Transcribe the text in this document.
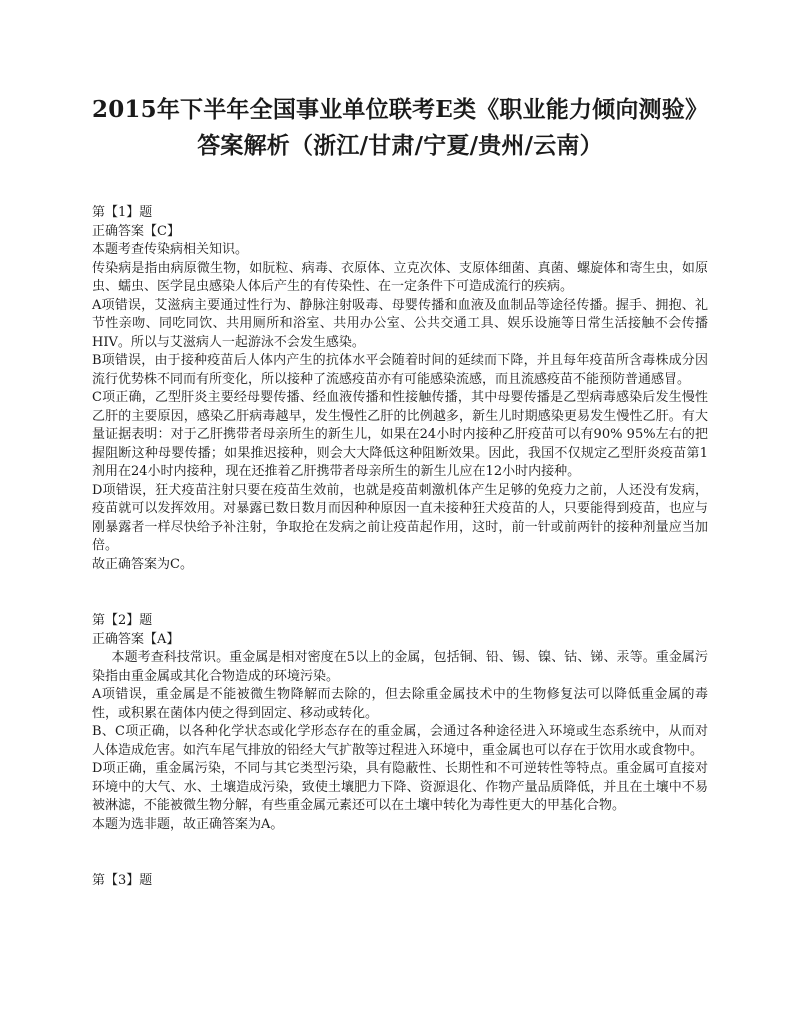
2015年下半年全国事业单位联考E类《职业能力倾向测验》
答案解析（浙江/甘肃/宁夏/贵州/云南）

第【1】题

正确答案【C】

本题考查传染病相关知识。

传染病是指由病原微生物，如朊粒、病毒、衣原体、立克次体、支原体细菌、真菌、螺旋体和寄生虫，如原虫、蠕虫、医学昆虫感染人体后产生的有传染性、在一定条件下可造成流行的疾病。

A项错误，艾滋病主要通过性行为、静脉注射吸毒、母婴传播和血液及血制品等途径传播。握手、拥抱、礼节性亲吻、同吃同饮、共用厕所和浴室、共用办公室、公共交通工具、娱乐设施等日常生活接触不会传播HIV。所以与艾滋病人一起游泳不会发生感染。

B项错误，由于接种疫苗后人体内产生的抗体水平会随着时间的延续而下降，并且每年疫苗所含毒株成分因流行优势株不同而有所变化，所以接种了流感疫苗亦有可能感染流感，而且流感疫苗不能预防普通感冒。

C项正确，乙型肝炎主要经母婴传播、经血液传播和性接触传播，其中母婴传播是乙型病毒感染后发生慢性乙肝的主要原因，感染乙肝病毒越早，发生慢性乙肝的比例越多，新生儿时期感染更易发生慢性乙肝。有大量证据表明：对于乙肝携带者母亲所生的新生儿，如果在24小时内接种乙肝疫苗可以有90% 95%左右的把握阻断这种母婴传播；如果推迟接种，则会大大降低这种阻断效果。因此，我国不仅规定乙型肝炎疫苗第1剂用在24小时内接种，现在还推着乙肝携带者母亲所生的新生儿应在12小时内接种。

D项错误，狂犬疫苗注射只要在疫苗生效前，也就是疫苗刺激机体产生足够的免疫力之前，人还没有发病，疫苗就可以发挥效用。对暴露已数日数月而因种种原因一直未接种狂犬疫苗的人，只要能得到疫苗，也应与刚暴露者一样尽快给予补注射，争取抢在发病之前让疫苗起作用，这时，前一针或前两针的接种剂量应当加倍。

故正确答案为C。

第【2】题

正确答案【A】

本题考查科技常识。重金属是相对密度在5以上的金属，包括铜、铅、锡、镍、钴、锑、汞等。重金属污染指由重金属或其化合物造成的环境污染。

A项错误，重金属是不能被微生物降解而去除的，但去除重金属技术中的生物修复法可以降低重金属的毒性，或积累在菌体内使之得到固定、移动或转化。

B、C项正确，以各种化学状态或化学形态存在的重金属，会通过各种途径进入环境或生态系统中，从而对人体造成危害。如汽车尾气排放的铅经大气扩散等过程进入环境中，重金属也可以存在于饮用水或食物中。

D项正确，重金属污染，不同与其它类型污染，具有隐蔽性、长期性和不可逆转性等特点。重金属可直接对环境中的大气、水、土壤造成污染，致使土壤肥力下降、资源退化、作物产量品质降低，并且在土壤中不易被淋滤，不能被微生物分解，有些重金属元素还可以在土壤中转化为毒性更大的甲基化合物。

本题为选非题，故正确答案为A。

第【3】题
